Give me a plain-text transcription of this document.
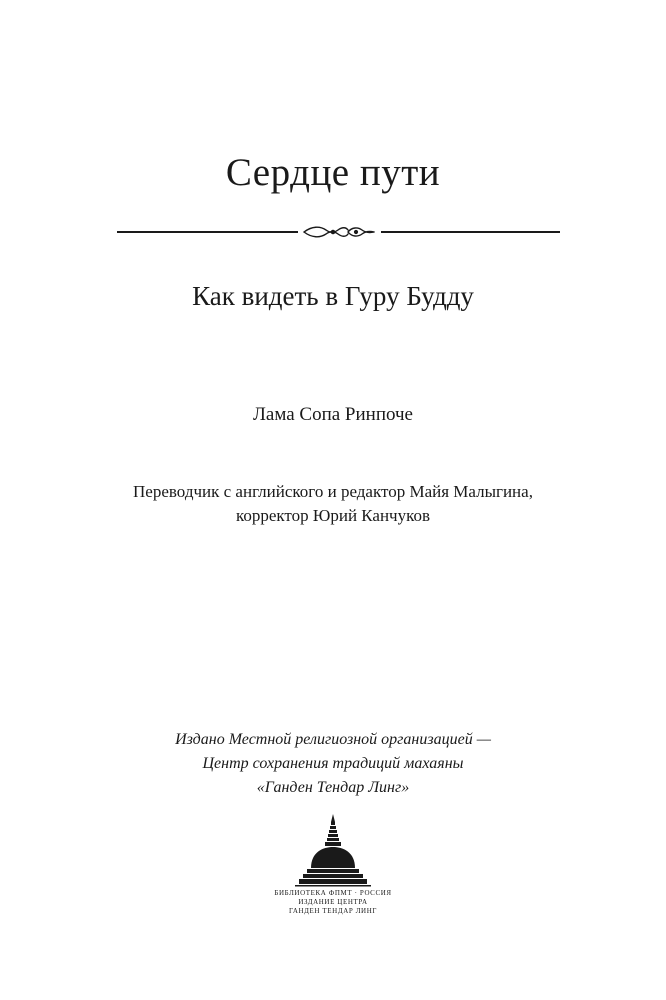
Сердце пути
Как видеть в Гуру Будду
Лама Сопа Ринпоче
Переводчик с английского и редактор Майя Малыгина,
корректор Юрий Канчуков
Издано Местной религиозной организацией —
Центр сохранения традиций махаяны
«Ганден Тендар Линг»
БИБЛИОТЕКА ФПМТ · РОССИЯ
ИЗДАНИЕ ЦЕНТРА
ГАНДЕН ТЕНДАР ЛИНГ
